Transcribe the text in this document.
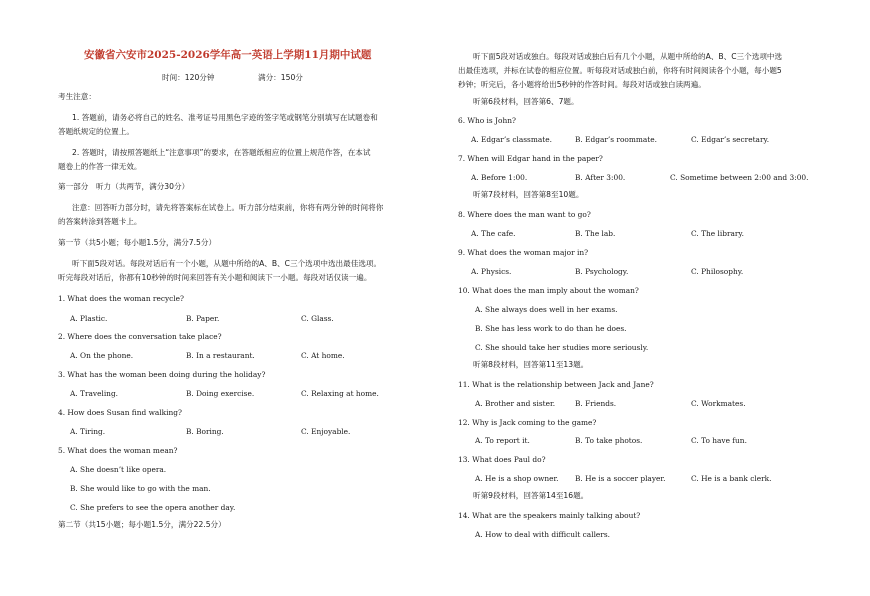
安徽省六安市2025-2026学年高一英语上学期11月期中试题
时间：120分钟	满分：150分
考生注意：
1. 答题前，请务必将自己的姓名、准考证号用黑色字迹的签字笔或钢笔分别填写在试题卷和
答题纸规定的位置上。
2. 答题时，请按照答题纸上“注意事项”的要求，在答题纸相应的位置上规范作答，在本试
题卷上的作答一律无效。
第一部分　听力（共两节，满分30分）
注意：回答听力部分时，请先将答案标在试卷上。听力部分结束前，你将有两分钟的时间将你
的答案转涂到答题卡上。
第一节（共5小题；每小题1.5分，满分7.5分）
听下面5段对话。每段对话后有一个小题，从题中所给的A、B、C三个选项中选出最佳选项。
听完每段对话后，你都有10秒钟的时间来回答有关小题和阅读下一小题。每段对话仅读一遍。
1. What does the woman recycle?
A. Plastic.	B. Paper.	C. Glass.
2. Where does the conversation take place?
A. On the phone.	B. In a restaurant.	C. At home.
3. What has the woman been doing during the holiday?
A. Traveling.	B. Doing exercise.	C. Relaxing at home.
4. How does Susan find walking?
A. Tiring.	B. Boring.	C. Enjoyable.
5. What does the woman mean?
A. She doesn’t like opera.
B. She would like to go with the man.
C. She prefers to see the opera another day.
第二节（共15小题；每小题1.5分，满分22.5分）
听下面5段对话或独白。每段对话或独白后有几个小题，从题中所给的A、B、C三个选项中选
出最佳选项，并标在试卷的相应位置。听每段对话或独白前，你将有时间阅读各个小题，每小题5
秒钟；听完后，各小题将给出5秒钟的作答时间。每段对话或独白读两遍。
听第6段材料，回答第6、7题。
6. Who is John?
A. Edgar’s classmate.	B. Edgar’s roommate.	C. Edgar’s secretary.
7. When will Edgar hand in the paper?
A. Before 1:00.	B. After 3:00.	C. Sometime between 2:00 and 3:00.
听第7段材料，回答第8至10题。
8. Where does the man want to go?
A. The cafe.	B. The lab.	C. The library.
9. What does the woman major in?
A. Physics.	B. Psychology.	C. Philosophy.
10. What does the man imply about the woman?
A. She always does well in her exams.
B. She has less work to do than he does.
C. She should take her studies more seriously.
听第8段材料，回答第11至13题。
11. What is the relationship between Jack and Jane?
A. Brother and sister.	B. Friends.	C. Workmates.
12. Why is Jack coming to the game?
A. To report it.	B. To take photos.	C. To have fun.
13. What does Paul do?
A. He is a shop owner. B. He is a soccer player.	C. He is a bank clerk.
听第9段材料，回答第14至16题。
14. What are the speakers mainly talking about?
A. How to deal with difficult callers.
